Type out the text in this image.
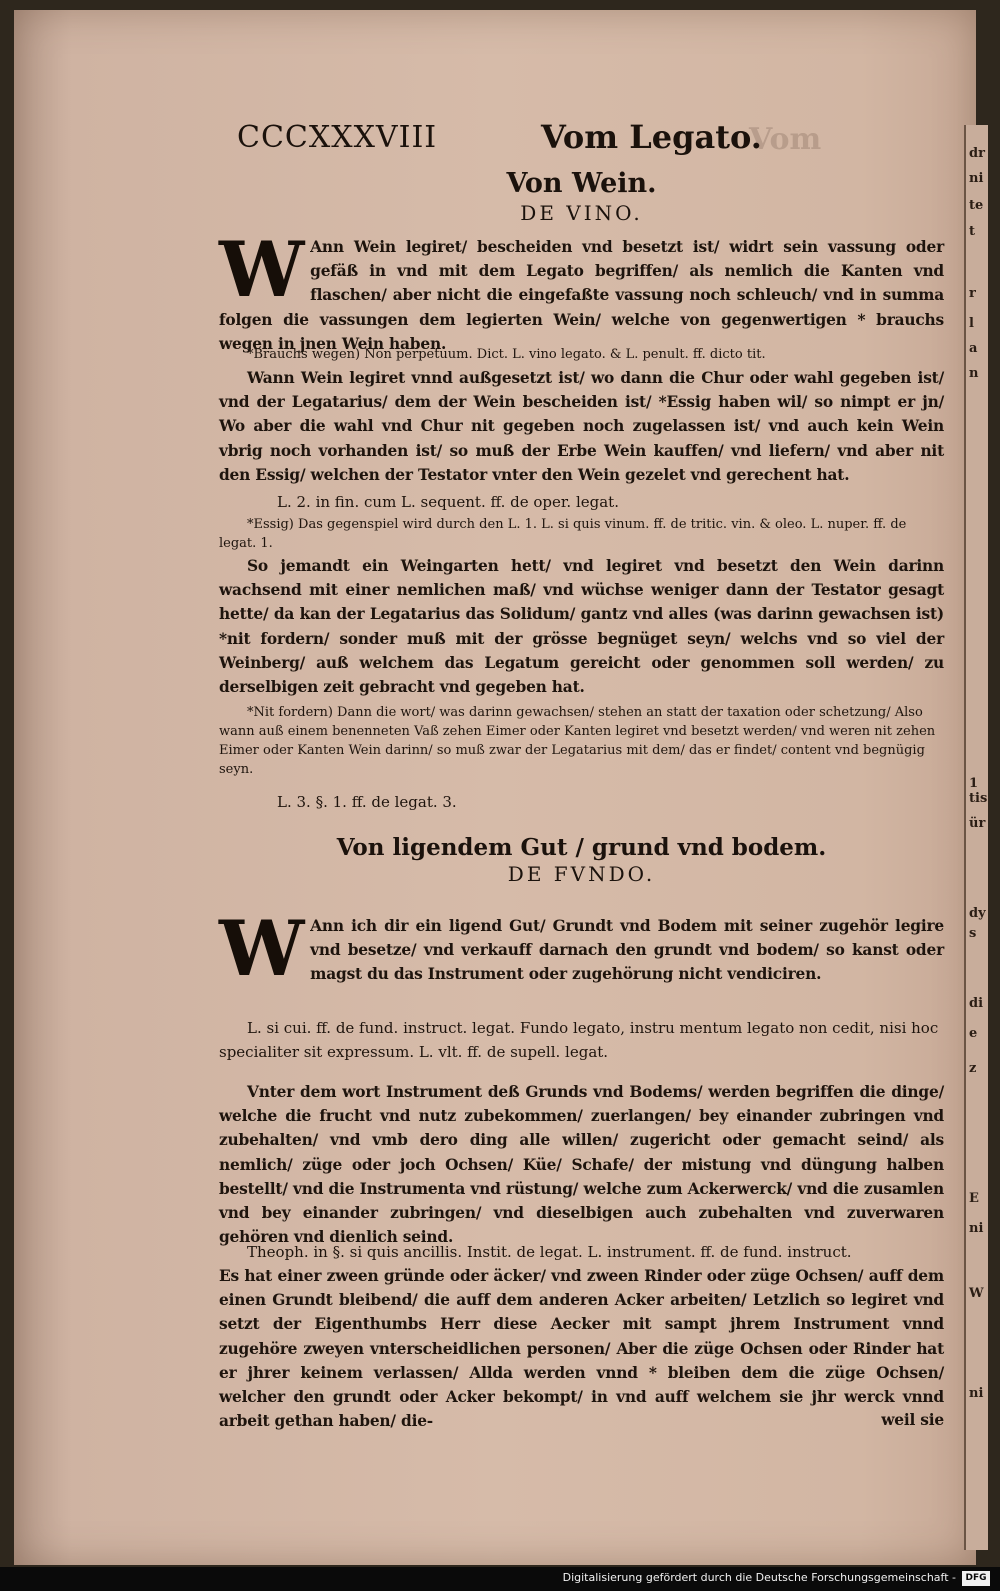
CCCXXXVIII	Vom Legato.
Vom
Von Wein.
DE VINO.
W Ann Wein legiret/ bescheiden vnd besetzt ist/ widrt sein vassung oder gefäß in vnd mit dem Legato begriffen/ als nemlich die Kanten vnd flaschen/ aber nicht die eingefaßte vassung noch schleuch/ vnd in summa folgen die vassungen dem legierten Wein/ welche von gegenwertigen * brauchs wegen in jnen Wein haben.
*Brauchs wegen) Non perpetuum. Dict. L. vino legato. & L. penult. ff. dicto tit.
Wann Wein legiret vnnd außgesetzt ist/ wo dann die Chur oder wahl gegeben ist/ vnd der Legatarius/ dem der Wein bescheiden ist/ *Essig haben wil/ so nimpt er jn/ Wo aber die wahl vnd Chur nit gegeben noch zugelassen ist/ vnd auch kein Wein vbrig noch vorhanden ist/ so muß der Erbe Wein kauffen/ vnd liefern/ vnd aber nit den Essig/ welchen der Testator vnter den Wein gezelet vnd gerechent hat.
L. 2. in fin. cum L. sequent. ff. de oper. legat.
*Essig) Das gegenspiel wird durch den L. 1. L. si quis vinum. ff. de tritic. vin. & oleo. L. nuper. ff. de legat. 1.
So jemandt ein Weingarten hett/ vnd legiret vnd besetzt den Wein darinn wachsend mit einer nemlichen maß/ vnd wüchse weniger dann der Testator gesagt hette/ da kan der Legatarius das Solidum/ gantz vnd alles (was darinn gewachsen ist) *nit fordern/ sonder muß mit der grösse begnüget seyn/ welchs vnd so viel der Weinberg/ auß welchem das Legatum gereicht oder genommen soll werden/ zu derselbigen zeit gebracht vnd gegeben hat.
*Nit fordern) Dann die wort/ was darinn gewachsen/ stehen an statt der taxation oder schetzung/ Also wann auß einem benenneten Vaß zehen Eimer oder Kanten legiret vnd besetzt werden/ vnd weren nit zehen Eimer oder Kanten Wein darinn/ so muß zwar der Legatarius mit dem/ das er findet/ content vnd begnügig seyn.
L. 3. §. 1. ff. de legat. 3.
Von ligendem Gut / grund vnd bodem.
DE FVNDO.
W Ann ich dir ein ligend Gut/ Grundt vnd Bodem mit seiner zugehör legire vnd besetze/ vnd verkauff darnach den grundt vnd bodem/ so kanst oder magst du das Instrument oder zugehörung nicht vendiciren.
L. si cui. ff. de fund. instruct. legat. Fundo legato, instru mentum legato non cedit, nisi hoc specialiter sit expressum. L. vlt. ff. de supell. legat.
Vnter dem wort Instrument deß Grunds vnd Bodems/ werden begriffen die dinge/ welche die frucht vnd nutz zubekommen/ zuerlangen/ bey einander zubringen vnd zubehalten/ vnd vmb dero ding alle willen/ zugericht oder gemacht seind/ als nemlich/ züge oder joch Ochsen/ Küe/ Schafe/ der mistung vnd düngung halben bestellt/ vnd die Instrumenta vnd rüstung/ welche zum Ackerwerck/ vnd die zusamlen vnd bey einander zubringen/ vnd dieselbigen auch zubehalten vnd zuverwaren gehören vnd dienlich seind.
Theoph. in §. si quis ancillis. Instit. de legat. L. instrument. ff. de fund. instruct.
Es hat einer zween gründe oder äcker/ vnd zween Rinder oder züge Ochsen/ auff dem einen Grundt bleibend/ die auff dem anderen Acker arbeiten/ Letzlich so legiret vnd setzt der Eigenthumbs Herr diese Aecker mit sampt jhrem Instrument vnnd zugehöre zweyen vnterscheidlichen personen/ Aber die züge Ochsen oder Rinder hat er jhrer keinem verlassen/ Allda werden vnnd * bleiben dem die züge Ochsen/ welcher den grundt oder Acker bekompt/ in vnd auff welchem sie jhr werck vnnd arbeit gethan haben/ die-	weil sie
dr
ni
te
t
r
l
a
n
1
tis
ür
dy
s
di
e
z
E
ni
W
ni
Digitalisierung gefördert durch die Deutsche Forschungsgemeinschaft -	DFG
